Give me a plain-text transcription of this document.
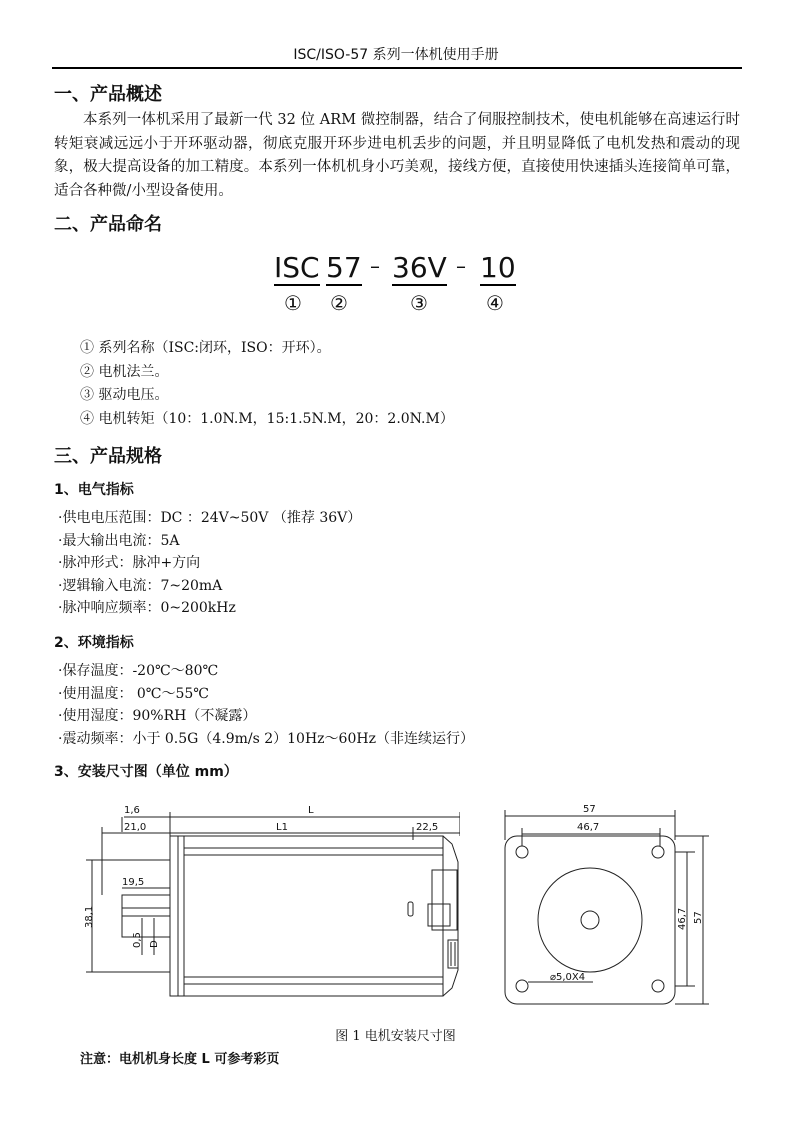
ISC/ISO-57 系列一体机使用手册
一、产品概述
本系列一体机采用了最新一代 32 位 ARM 微控制器，结合了伺服控制技术，使电机能够在高速运行时转矩衰减远远小于开环驱动器，彻底克服开环步进电机丢步的问题，并且明显降低了电机发热和震动的现象，极大提高设备的加工精度。本系列一体机机身小巧美观，接线方便，直接使用快速插头连接简单可靠，适合各种微/小型设备使用。
二、产品命名
ISC 57 – 36V – 10
① ②	③	④
① 系列名称（ISC:闭环，ISO：开环）。
② 电机法兰。
③ 驱动电压。
④ 电机转矩（10：1.0N.M，15:1.5N.M，20：2.0N.M）
三、产品规格
1、电气指标
·供电电压范围：DC ：24V~50V （推荐 36V）
·最大输出电流：5A
·脉冲形式：脉冲+方向
·逻辑输入电流：7~20mA
·脉冲响应频率：0~200kHz
2、环境指标
·保存温度：-20℃～80℃
·使用温度： 0℃～55℃
·使用湿度：90%RH（不凝露）
·震动频率：小于 0.5G（4.9m/s 2）10Hz～60Hz（非连续运行）
3、安装尺寸图（单位 mm）
1,6
21,0
L
L1	22,5
19,5
38,1
0,5 D
57
46,7
46,7 57
⌀5,0X4
图 1 电机安装尺寸图
注意：电机机身长度 L 可参考彩页
